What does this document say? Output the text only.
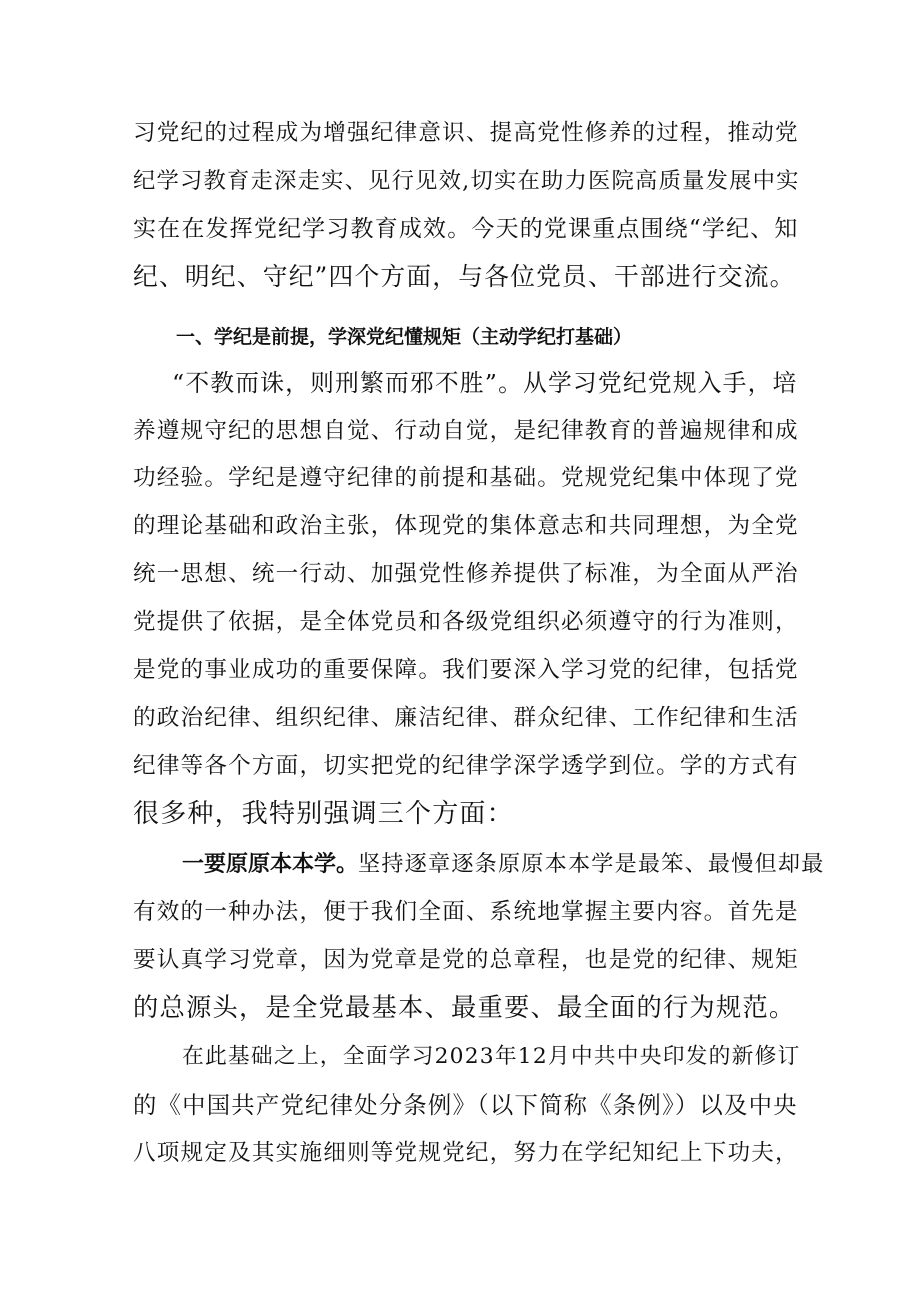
习党纪的过程成为增强纪律意识、提高党性修养的过程，推动党
纪学习教育走深走实、见行见效,切实在助力医院高质量发展中实
实在在发挥党纪学习教育成效。今天的党课重点围绕“学纪、知
纪、明纪、守纪”四个方面，与各位党员、干部进行交流。
一、学纪是前提，学深党纪懂规矩（主动学纪打基础）
“不教而诛，则刑繁而邪不胜”。从学习党纪党规入手，培
养遵规守纪的思想自觉、行动自觉，是纪律教育的普遍规律和成
功经验。学纪是遵守纪律的前提和基础。党规党纪集中体现了党
的理论基础和政治主张，体现党的集体意志和共同理想，为全党
统一思想、统一行动、加强党性修养提供了标准，为全面从严治
党提供了依据，是全体党员和各级党组织必须遵守的行为准则，
是党的事业成功的重要保障。我们要深入学习党的纪律，包括党
的政治纪律、组织纪律、廉洁纪律、群众纪律、工作纪律和生活
纪律等各个方面，切实把党的纪律学深学透学到位。学的方式有
很多种，我特别强调三个方面：
一要原原本本学。坚持逐章逐条原原本本学是最笨、最慢但却最
有效的一种办法，便于我们全面、系统地掌握主要内容。首先是
要认真学习党章，因为党章是党的总章程，也是党的纪律、规矩
的总源头，是全党最基本、最重要、最全面的行为规范。
在此基础之上，全面学习2023年12月中共中央印发的新修订
的《中国共产党纪律处分条例》（以下简称《条例》）以及中央
八项规定及其实施细则等党规党纪，努力在学纪知纪上下功夫，
